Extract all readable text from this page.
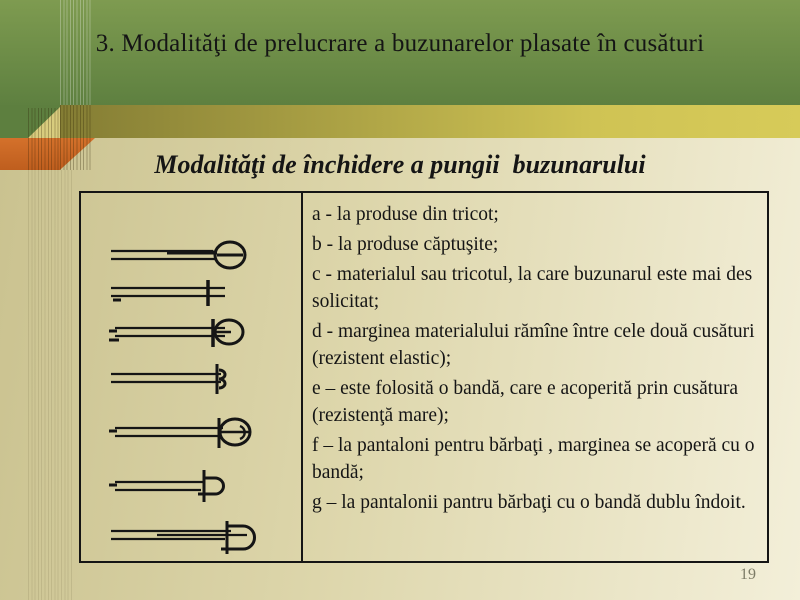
3. Modalităţi de prelucrare a buzunarelor plasate în cusături
Modalităţi de închidere a pungii  buzunarului

a - la produse din tricot;

b - la produse căptuşite;

c - materialul sau tricotul, la care buzunarul este mai des solicitat;

d - marginea materialului rămîne între cele două cusături (rezistent elastic);

e – este folosită o bandă, care e acoperită prin cusătura (rezistenţă mare);

f – la pantaloni pentru bărbaţi , marginea se acoperă cu o bandă;

g – la pantalonii pantru bărbaţi cu o bandă dublu îndoit.

19
